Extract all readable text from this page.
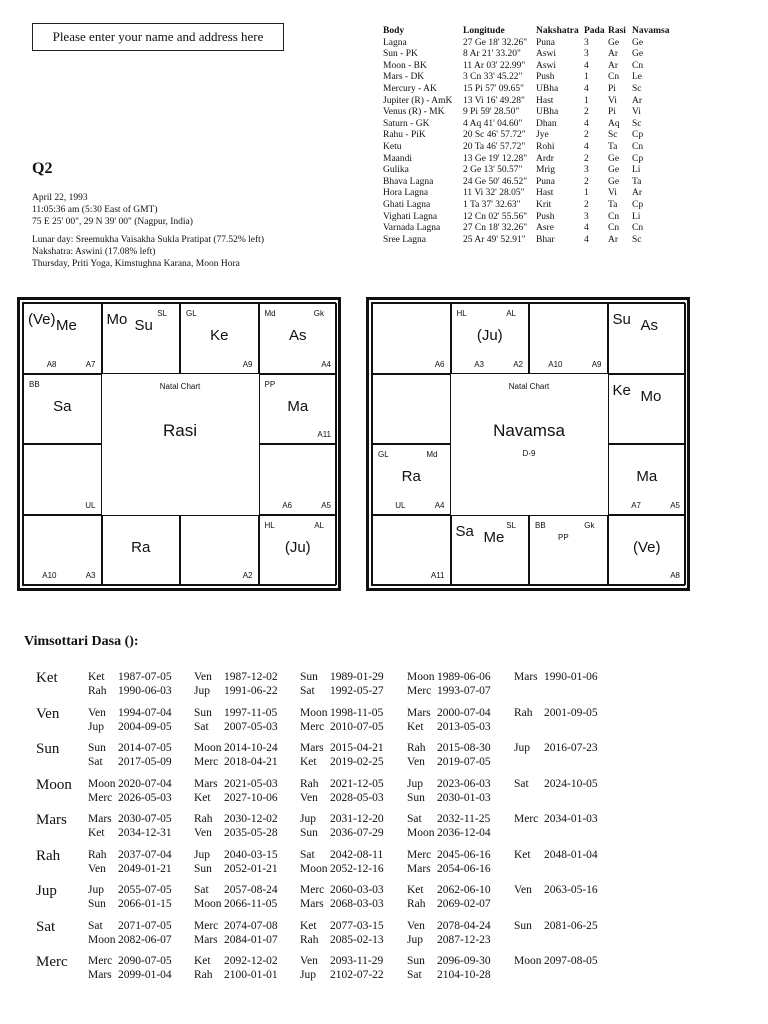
Please enter your name and address here
Q2
April 22, 1993
11:05:36 am (5:30 East of GMT)
75 E 25' 00", 29 N 39' 00" (Nagpur, India)
Lunar day: Sreemukha Vaisakha Sukla Pratipat (77.52% left)
Nakshatra: Aswini (17.08% left)
Thursday, Priti Yoga, Kimstughna Karana, Moon Hora
Body	Longitude	Nakshatra Pada Rasi Navamsa
Lagna	27 Ge 18' 32.26" Puna	3	Ge	Ge
Sun - PK	8 Ar 21' 33.20"	Aswi	3	Ar	Ge
Moon - BK	11 Ar 03' 22.99"	Aswi	4	Ar	Cn
Mars - DK	3 Cn 33' 45.22"	Push	1	Cn	Le
Mercury - AK	15 Pi 57' 09.65"	UBha	4	Pi	Sc
Jupiter (R) - AmK	13 Vi 16' 49.28"	Hast	1	Vi	Ar
Venus (R) - MK	9 Pi 59' 28.50"	UBha	2	Pi	Vi
Saturn - GK	4 Aq 41' 04.60"	Dhan	4	Aq	Sc
Rahu - PiK	20 Sc 46' 57.72"	Jye	2	Sc	Cp
Ketu	20 Ta 46' 57.72"	Rohi	4	Ta	Cn
Maandi	13 Ge 19' 12.28" Ardr	2	Ge	Cp
Gulika	2 Ge 13' 50.57"	Mrig	3	Ge	Li
Bhava Lagna	24 Ge 50' 46.52" Puna	2	Ge	Ta
Hora Lagna	11 Vi 32' 28.05"	Hast	1	Vi	Ar
Ghati Lagna	1 Ta 37' 32.63"	Krit	2	Ta	Cp
Vighati Lagna	12 Cn 02' 55.56" Push	3	Cn	Li
Varnada Lagna	27 Cn 18' 32.26" Asre	4	Cn	Cn
Sree Lagna	25 Ar 49' 52.91"	Bhar	4	Ar	Sc
(Ve) Me
A8	A7
Mo Su
SL
Ke
GL
A9
As
Md	Gk
A4
Sa
BB
Ma
PP
A11
UL	A6	A5
A10	A3
Ra
A2
(Ju)
HL	AL
Natal Chart
Rasi
A6
(Ju)
HL	AL
A3	A2	A10	A9
Su As
Ke Mo
Ra
GL	Md
UL	A4
Ma
A7	A5
A11
Sa Me
SL BB	Gk
PP
(Ve)
A8
Natal Chart
Navamsa
D-9
Vimsottari Dasa ():
Ket	Ket 1987-07-05	Ven 1987-12-02	Sun 1989-01-29	Moon 1989-06-06	Mars 1990-01-06
Rah 1990-06-03	Jup 1991-06-22	Sat 1992-05-27	Merc 1993-07-07
Ven Ven 1994-07-04	Sun 1997-11-05	Moon 1998-11-05	Mars 2000-07-04	Rah 2001-09-05
Jup 2004-09-05	Sat 2007-05-03	Merc 2010-07-05	Ket 2013-05-03
Sun Sun 2014-07-05	Moon 2014-10-24	Mars 2015-04-21	Rah 2015-08-30	Jup 2016-07-23
Sat 2017-05-09	Merc 2018-04-21	Ket 2019-02-25	Ven 2019-07-05
Moon Moon 2020-07-04	Mars 2021-05-03	Rah 2021-12-05	Jup 2023-06-03	Sat 2024-10-05
Merc 2026-05-03	Ket 2027-10-06	Ven 2028-05-03	Sun 2030-01-03
Mars Mars 2030-07-05	Rah 2030-12-02	Jup 2031-12-20	Sat 2032-11-25	Merc 2034-01-03
Ket 2034-12-31	Ven 2035-05-28	Sun 2036-07-29	Moon 2036-12-04
Rah Rah 2037-07-04	Jup 2040-03-15	Sat 2042-08-11	Merc 2045-06-16	Ket 2048-01-04
Ven 2049-01-21	Sun 2052-01-21	Moon 2052-12-16	Mars 2054-06-16
Jup	Jup 2055-07-05	Sat 2057-08-24	Merc 2060-03-03	Ket 2062-06-10	Ven 2063-05-16
Sun 2066-01-15	Moon 2066-11-05	Mars 2068-03-03	Rah 2069-02-07
Sat	Sat 2071-07-05	Merc 2074-07-08	Ket 2077-03-15	Ven 2078-04-24	Sun 2081-06-25
Moon 2082-06-07	Mars 2084-01-07	Rah 2085-02-13	Jup 2087-12-23
Merc Merc 2090-07-05	Ket 2092-12-02	Ven 2093-11-29	Sun 2096-09-30	Moon 2097-08-05
Mars 2099-01-04	Rah 2100-01-01	Jup 2102-07-22	Sat 2104-10-28
